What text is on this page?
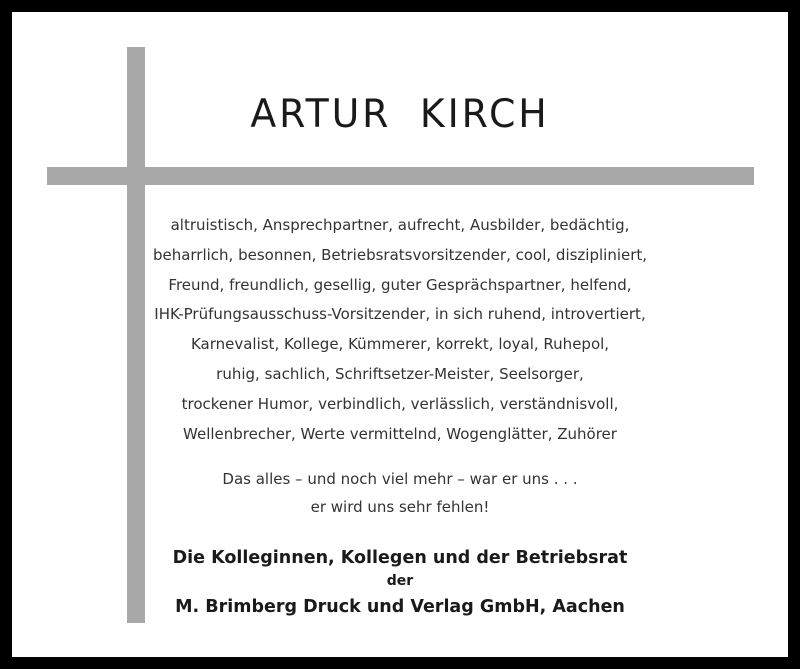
ARTUR KIRCH
altruistisch, Ansprechpartner, aufrecht, Ausbilder, bedächtig,
beharrlich, besonnen, Betriebsratsvorsitzender, cool, diszipliniert,
Freund, freundlich, gesellig, guter Gesprächspartner, helfend,
IHK-Prüfungsausschuss-Vorsitzender, in sich ruhend, introvertiert,
Karnevalist, Kollege, Kümmerer, korrekt, loyal, Ruhepol,
ruhig, sachlich, Schriftsetzer-Meister, Seelsorger,
trockener Humor, verbindlich, verlässlich, verständnisvoll,
Wellenbrecher, Werte vermittelnd, Wogenglätter, Zuhörer
Das alles – und noch viel mehr – war er uns . . .
er wird uns sehr fehlen!
Die Kolleginnen, Kollegen und der Betriebsrat
der
M. Brimberg Druck und Verlag GmbH, Aachen
